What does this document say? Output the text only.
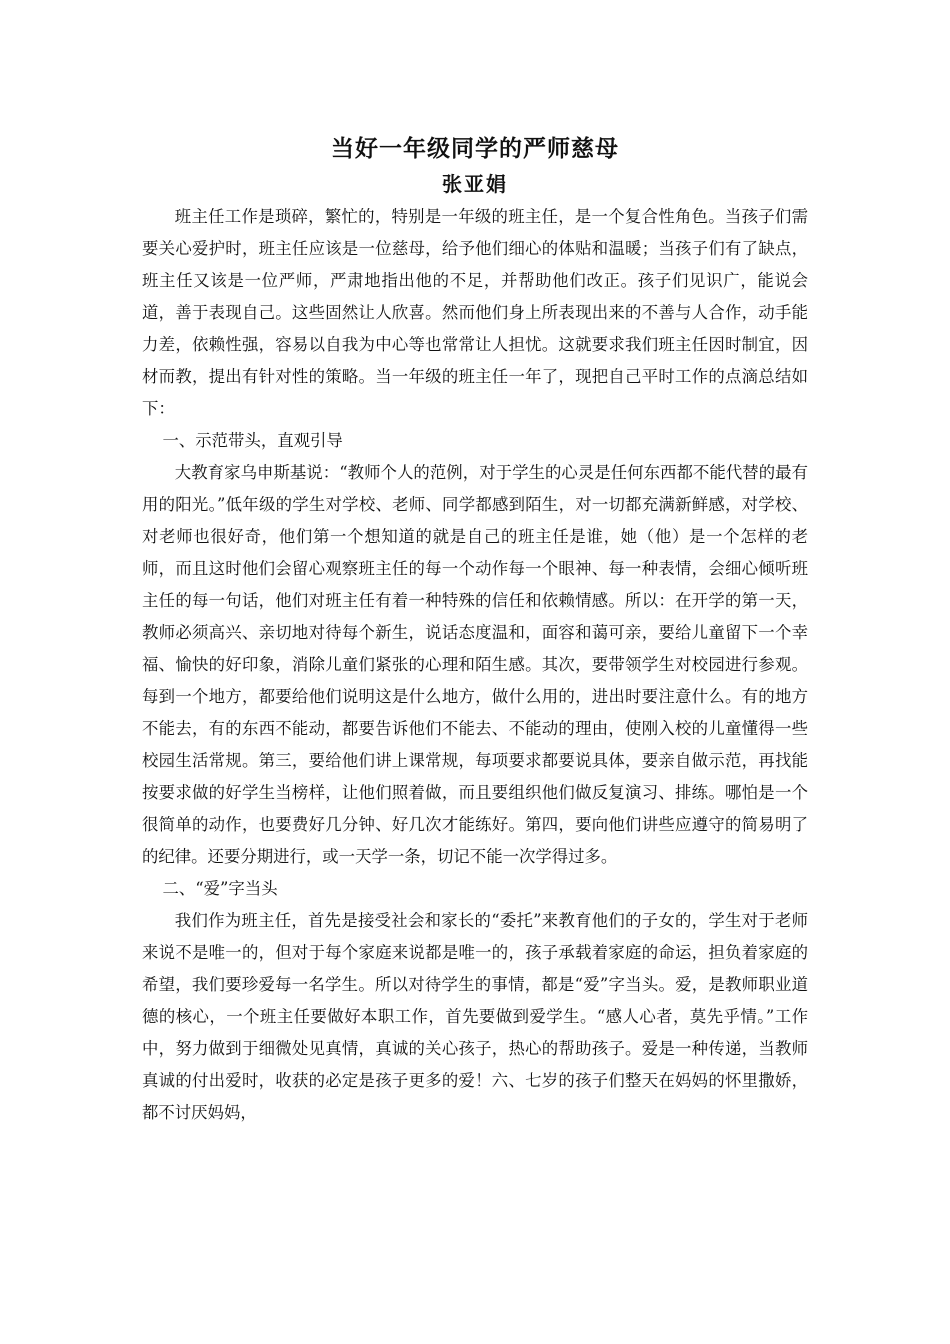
当好一年级同学的严师慈母
张亚娟

班主任工作是琐碎，繁忙的，特别是一年级的班主任，是一个复合性角色。当孩子们需要关心爱护时，班主任应该是一位慈母，给予他们细心的体贴和温暖；当孩子们有了缺点，班主任又该是一位严师，严肃地指出他的不足，并帮助他们改正。孩子们见识广，能说会道，善于表现自己。这些固然让人欣喜。然而他们身上所表现出来的不善与人合作，动手能力差，依赖性强，容易以自我为中心等也常常让人担忧。这就要求我们班主任因时制宜，因材而教，提出有针对性的策略。当一年级的班主任一年了，现把自己平时工作的点滴总结如下：

一、示范带头，直观引导

大教育家乌申斯基说：“教师个人的范例，对于学生的心灵是任何东西都不能代替的最有用的阳光。”低年级的学生对学校、老师、同学都感到陌生，对一切都充满新鲜感，对学校、对老师也很好奇，他们第一个想知道的就是自己的班主任是谁，她（他）是一个怎样的老师，而且这时他们会留心观察班主任的每一个动作每一个眼神、每一种表情，会细心倾听班主任的每一句话，他们对班主任有着一种特殊的信任和依赖情感。所以：在开学的第一天，教师必须高兴、亲切地对待每个新生，说话态度温和，面容和蔼可亲，要给儿童留下一个幸福、愉快的好印象，消除儿童们紧张的心理和陌生感。其次，要带领学生对校园进行参观。每到一个地方，都要给他们说明这是什么地方，做什么用的，进出时要注意什么。有的地方不能去，有的东西不能动，都要告诉他们不能去、不能动的理由，使刚入校的儿童懂得一些校园生活常规。第三，要给他们讲上课常规，每项要求都要说具体，要亲自做示范，再找能按要求做的好学生当榜样，让他们照着做，而且要组织他们做反复演习、排练。哪怕是一个很简单的动作，也要费好几分钟、好几次才能练好。第四，要向他们讲些应遵守的简易明了的纪律。还要分期进行，或一天学一条，切记不能一次学得过多。

二、“爱”字当头

我们作为班主任，首先是接受社会和家长的“委托”来教育他们的子女的，学生对于老师来说不是唯一的，但对于每个家庭来说都是唯一的，孩子承载着家庭的命运，担负着家庭的希望，我们要珍爱每一名学生。所以对待学生的事情，都是“爱”字当头。爱，是教师职业道德的核心，一个班主任要做好本职工作，首先要做到爱学生。“感人心者，莫先乎情。”工作中，努力做到于细微处见真情，真诚的关心孩子，热心的帮助孩子。爱是一种传递，当教师真诚的付出爱时，收获的必定是孩子更多的爱！六、七岁的孩子们整天在妈妈的怀里撒娇，都不讨厌妈妈，
